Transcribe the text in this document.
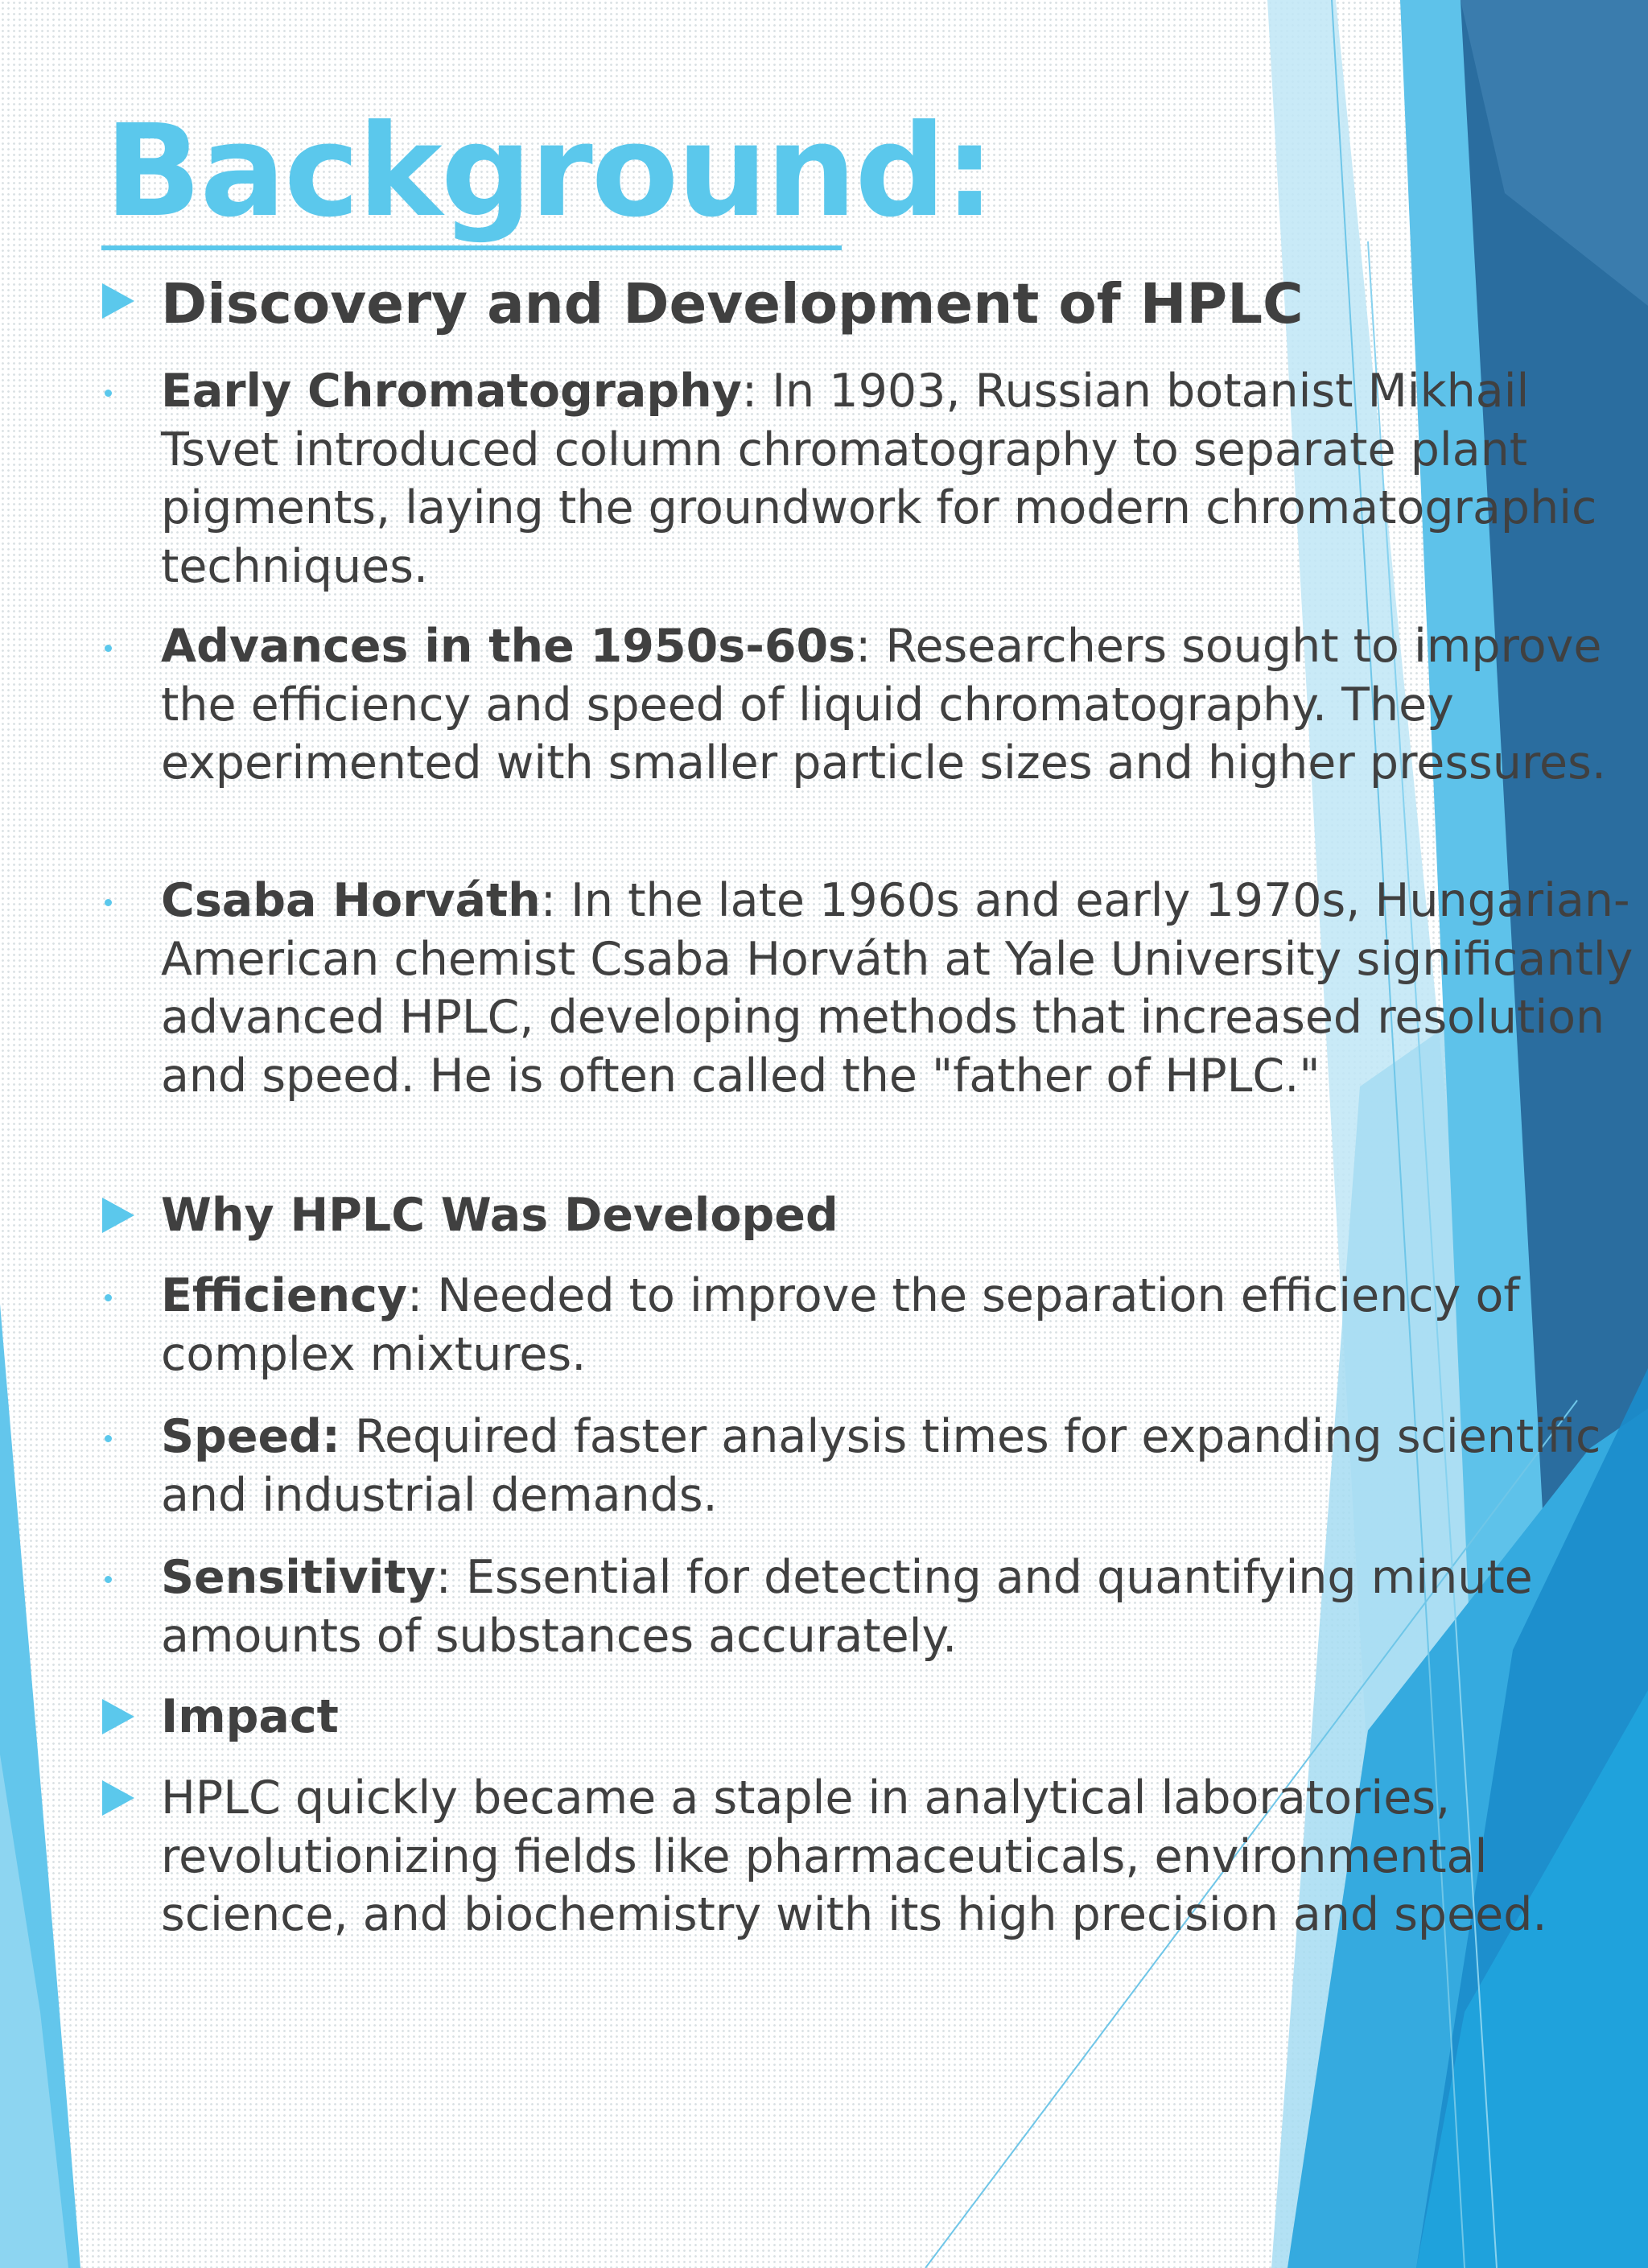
Background:
Discovery and Development of HPLC

Early Chromatography: In 1903, Russian botanist Mikhail Tsvet introduced column chromatography to separate plant pigments, laying the groundwork for modern chromatographic techniques.

Advances in the 1950s-60s: Researchers sought to improve the efficiency and speed of liquid chromatography. They experimented with smaller particle sizes and higher pressures.

Csaba Horváth: In the late 1960s and early 1970s, Hungarian-American chemist Csaba Horváth at Yale University significantly advanced HPLC, developing methods that increased resolution and speed. He is often called the "father of HPLC."

Why HPLC Was Developed

Efficiency: Needed to improve the separation efficiency of complex mixtures.

Speed: Required faster analysis times for expanding scientific and industrial demands.

Sensitivity: Essential for detecting and quantifying minute amounts of substances accurately.

Impact

HPLC quickly became a staple in analytical laboratories, revolutionizing fields like pharmaceuticals, environmental science, and biochemistry with its high precision and speed.
